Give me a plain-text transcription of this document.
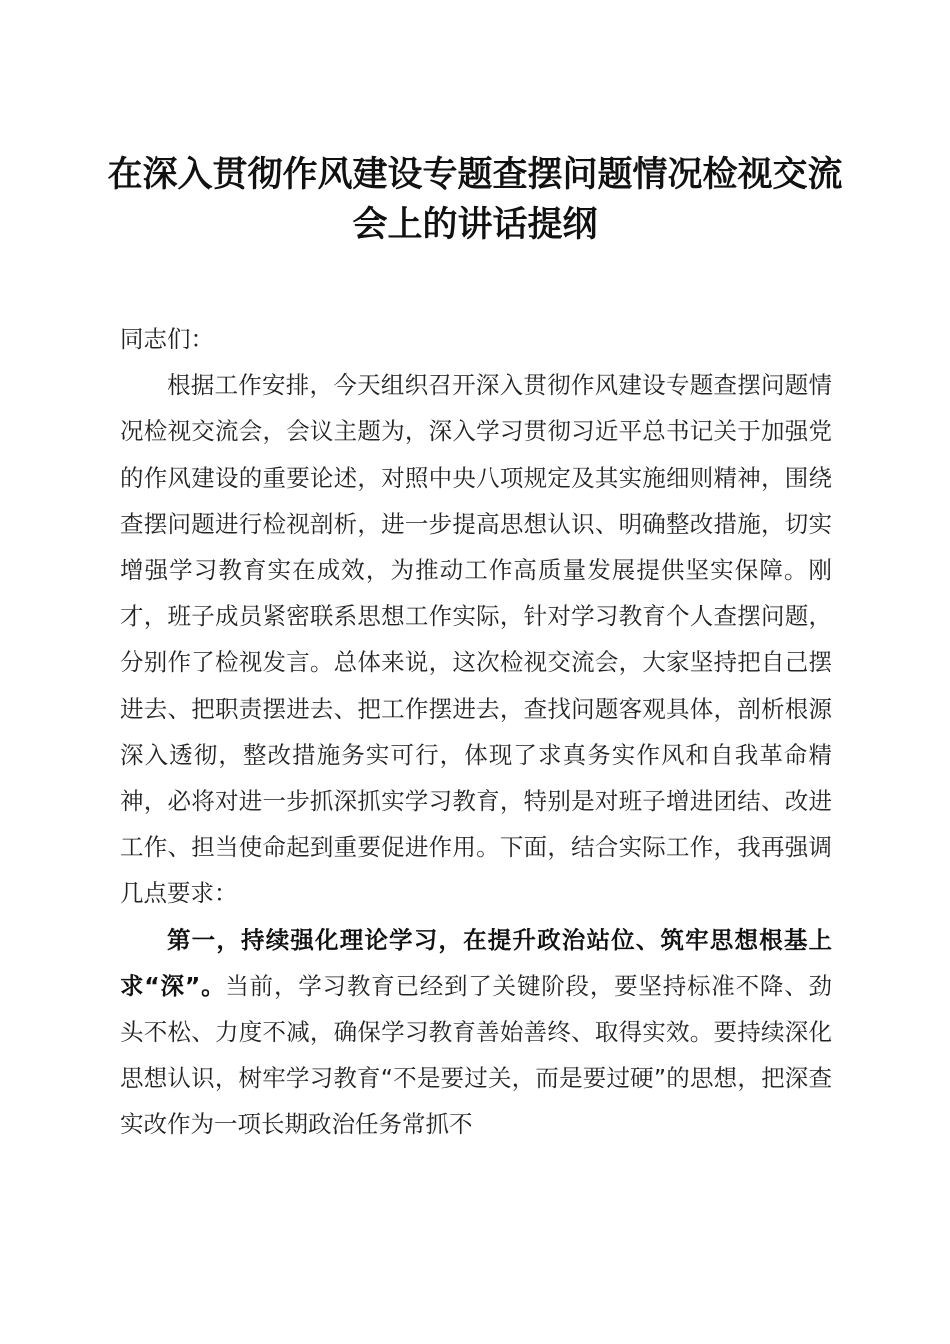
在深入贯彻作风建设专题查摆问题情况检视交流会上的讲话提纲

同志们：

根据工作安排，今天组织召开深入贯彻作风建设专题查摆问题情况检视交流会，会议主题为，深入学习贯彻习近平总书记关于加强党的作风建设的重要论述，对照中央八项规定及其实施细则精神，围绕查摆问题进行检视剖析，进一步提高思想认识、明确整改措施，切实增强学习教育实在成效，为推动工作高质量发展提供坚实保障。刚才，班子成员紧密联系思想工作实际，针对学习教育个人查摆问题，分别作了检视发言。总体来说，这次检视交流会，大家坚持把自己摆进去、把职责摆进去、把工作摆进去，查找问题客观具体，剖析根源深入透彻，整改措施务实可行，体现了求真务实作风和自我革命精神，必将对进一步抓深抓实学习教育，特别是对班子增进团结、改进工作、担当使命起到重要促进作用。下面，结合实际工作，我再强调几点要求：

第一，持续强化理论学习，在提升政治站位、筑牢思想根基上求“深”。当前，学习教育已经到了关键阶段，要坚持标准不降、劲头不松、力度不减，确保学习教育善始善终、取得实效。要持续深化思想认识，树牢学习教育“不是要过关，而是要过硬”的思想，把深查实改作为一项长期政治任务常抓不
